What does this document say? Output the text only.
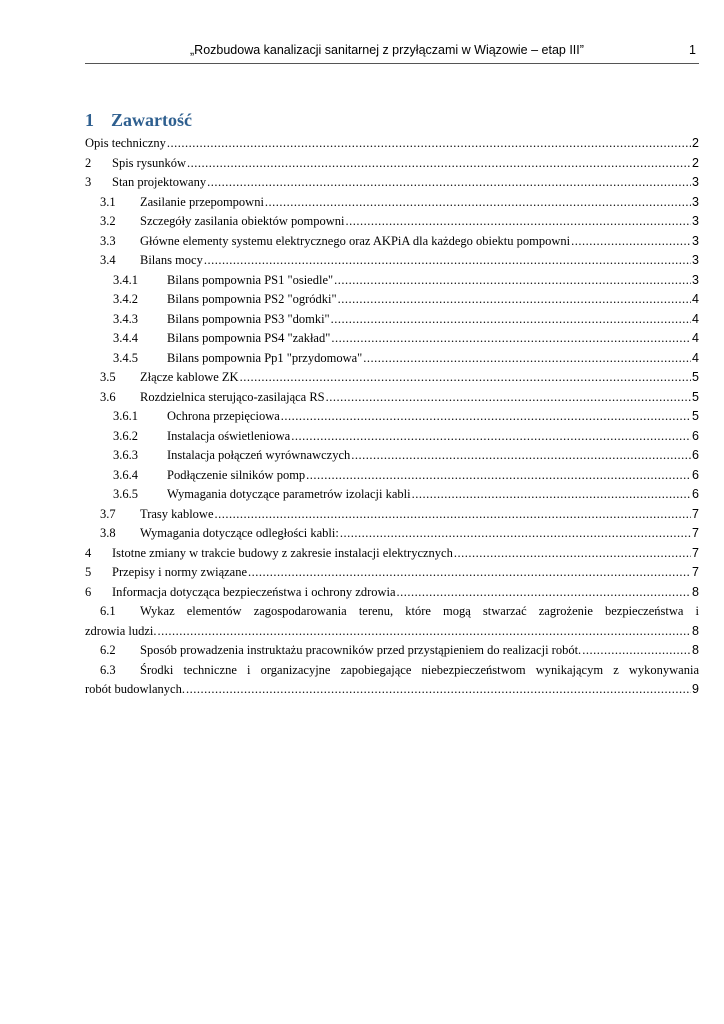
„Rozbudowa kanalizacji sanitarnej z przyłączami w Wiązowie – etap III”	1
1 Zawartość
Opis techniczny .....	2
2	Spis rysunków .....	2
3	Stan projektowany .....	3
3.1	Zasilanie przepompowni .....	3
3.2	Szczegóły zasilania obiektów pompowni .....	3
3.3	Główne elementy systemu elektrycznego oraz AKPiA dla każdego obiektu pompowni .....	3
3.4	Bilans mocy .....	3
3.4.1	Bilans pompownia PS1 "osiedle" .....	3
3.4.2	Bilans pompownia PS2 "ogródki" .....	4
3.4.3	Bilans pompownia PS3 "domki" .....	4
3.4.4	Bilans pompownia PS4 "zakład" .....	4
3.4.5	Bilans pompownia Pp1 "przydomowa" .....	4
3.5	Złącze kablowe ZK .....	5
3.6	Rozdzielnica sterująco-zasilająca RS .....	5
3.6.1	Ochrona przepięciowa .....	5
3.6.2	Instalacja oświetleniowa .....	6
3.6.3	Instalacja połączeń wyrównawczych .....	6
3.6.4	Podłączenie silników pomp .....	6
3.6.5	Wymagania dotyczące parametrów izolacji kabli .....	6
3.7	Trasy kablowe .....	7
3.8	Wymagania dotyczące odległości kabli: .....	7
4	Istotne zmiany w trakcie budowy z zakresie instalacji elektrycznych .....	7
5	Przepisy i normy związane .....	7
6	Informacja dotycząca bezpieczeństwa i ochrony zdrowia .....	8
6.1	Wykaz elementów zagospodarowania terenu, które mogą stwarzać zagrożenie bezpieczeństwa i
zdrowia ludzi. .....	8
6.2	Sposób prowadzenia instruktażu pracowników przed przystąpieniem do realizacji robót. .....	8
6.3	Środki techniczne i organizacyjne zapobiegające niebezpieczeństwom wynikającym z wykonywania
robót budowlanych. .....	9
